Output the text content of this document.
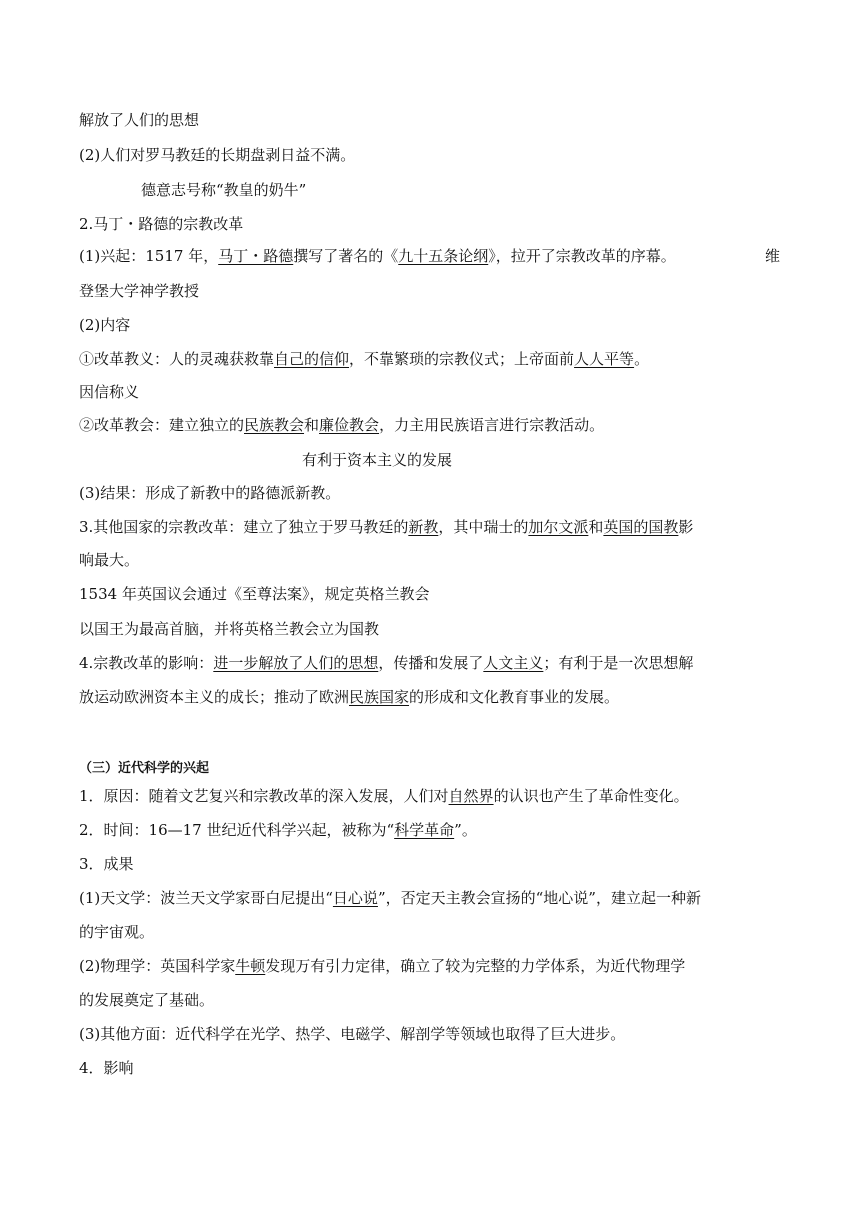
解放了人们的思想
(2)人们对罗马教廷的长期盘剥日益不满。
德意志号称“教皇的奶牛”
2.马丁・路德的宗教改革
(1)兴起：1517 年，马丁・路德撰写了著名的《九十五条论纲》，拉开了宗教改革的序幕。	维
登堡大学神学教授
(2)内容
①改革教义：人的灵魂获救靠自己的信仰，不靠繁琐的宗教仪式；上帝面前人人平等。
因信称义
②改革教会：建立独立的民族教会和廉俭教会，力主用民族语言进行宗教活动。
有利于资本主义的发展
(3)结果：形成了新教中的路德派新教。
3.其他国家的宗教改革：建立了独立于罗马教廷的新教，其中瑞士的加尔文派和英国的国教影
响最大。
1534 年英国议会通过《至尊法案》，规定英格兰教会
以国王为最高首脑，并将英格兰教会立为国教
4.宗教改革的影响：进一步解放了人们的思想，传播和发展了人文主义；有利于是一次思想解
放运动欧洲资本主义的成长；推动了欧洲民族国家的形成和文化教育事业的发展。
（三）近代科学的兴起
1．原因：随着文艺复兴和宗教改革的深入发展，人们对自然界的认识也产生了革命性变化。
2．时间：16—17 世纪近代科学兴起，被称为“科学革命”。
3．成果
(1)天文学：波兰天文学家哥白尼提出“日心说”，否定天主教会宣扬的“地心说”，建立起一种新
的宇宙观。
(2)物理学：英国科学家牛顿发现万有引力定律，确立了较为完整的力学体系，为近代物理学
的发展奠定了基础。
(3)其他方面：近代科学在光学、热学、电磁学、解剖学等领域也取得了巨大进步。
4．影响
